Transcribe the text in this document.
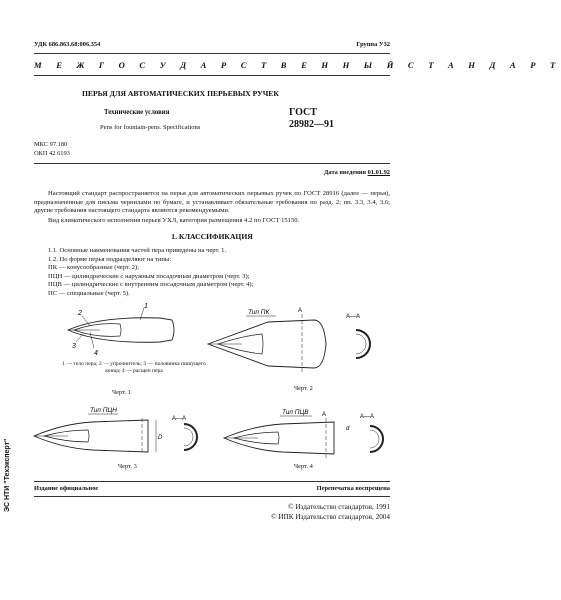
УДК 686.863.68:006.354	Группа У32
М Е Ж Г О С У Д А Р С Т В Е Н Н Ы Й С Т А Н Д А Р Т
ПЕРЬЯ ДЛЯ АВТОМАТИЧЕСКИХ ПЕРЬЕВЫХ РУЧЕК
Технические условия
Pens for fountain-pens. Specifications
ГОСТ
28982—91
МКС 97.180
ОКП 42 6193
Дата введения 01.01.92
Настоящий стандарт распространяется на перья для автоматических перьевых ручек по ГОСТ 28916 (далее — перья), предназначенные для письма чернилами по бумаге, и устанавливает обязательные требования по разд. 2; пп. 3.3, 3.4, 3.6; другие требования настоящего стандарта являются рекомендуемыми.
Вид климатического исполнения перьев УХЛ, категория размещения 4.2 по ГОСТ 15150.
1. КЛАССИФИКАЦИЯ
1.1. Основные наименования частей пера приведены на черт. 1.
1.2. По форме перья подразделяют на типы:
ПК — конусообразные (черт. 2);
ПЦН — цилиндрические с наружным посадочным диаметром (черт. 3);
ПЦВ — цилиндрические с внутренним посадочным диаметром (черт. 4);
ПС — специальные (черт. 5).
2
1
3
4
1 — тело пера; 2 — упрочнитель; 3 — половинка пишущего
конца; 4 — расщеп пера
Черт. 1
Тип ПК	А
А—А
Черт. 2
Тип ПЦН
D
А—А
Черт. 3
Тип ПЦВ А
d
А—А
Черт. 4
Издание официальное	Перепечатка воспрещена
© Издательство стандартов, 1991
© ИПК Издательство стандартов, 2004
ЭС НТИ "Техэксперт"
